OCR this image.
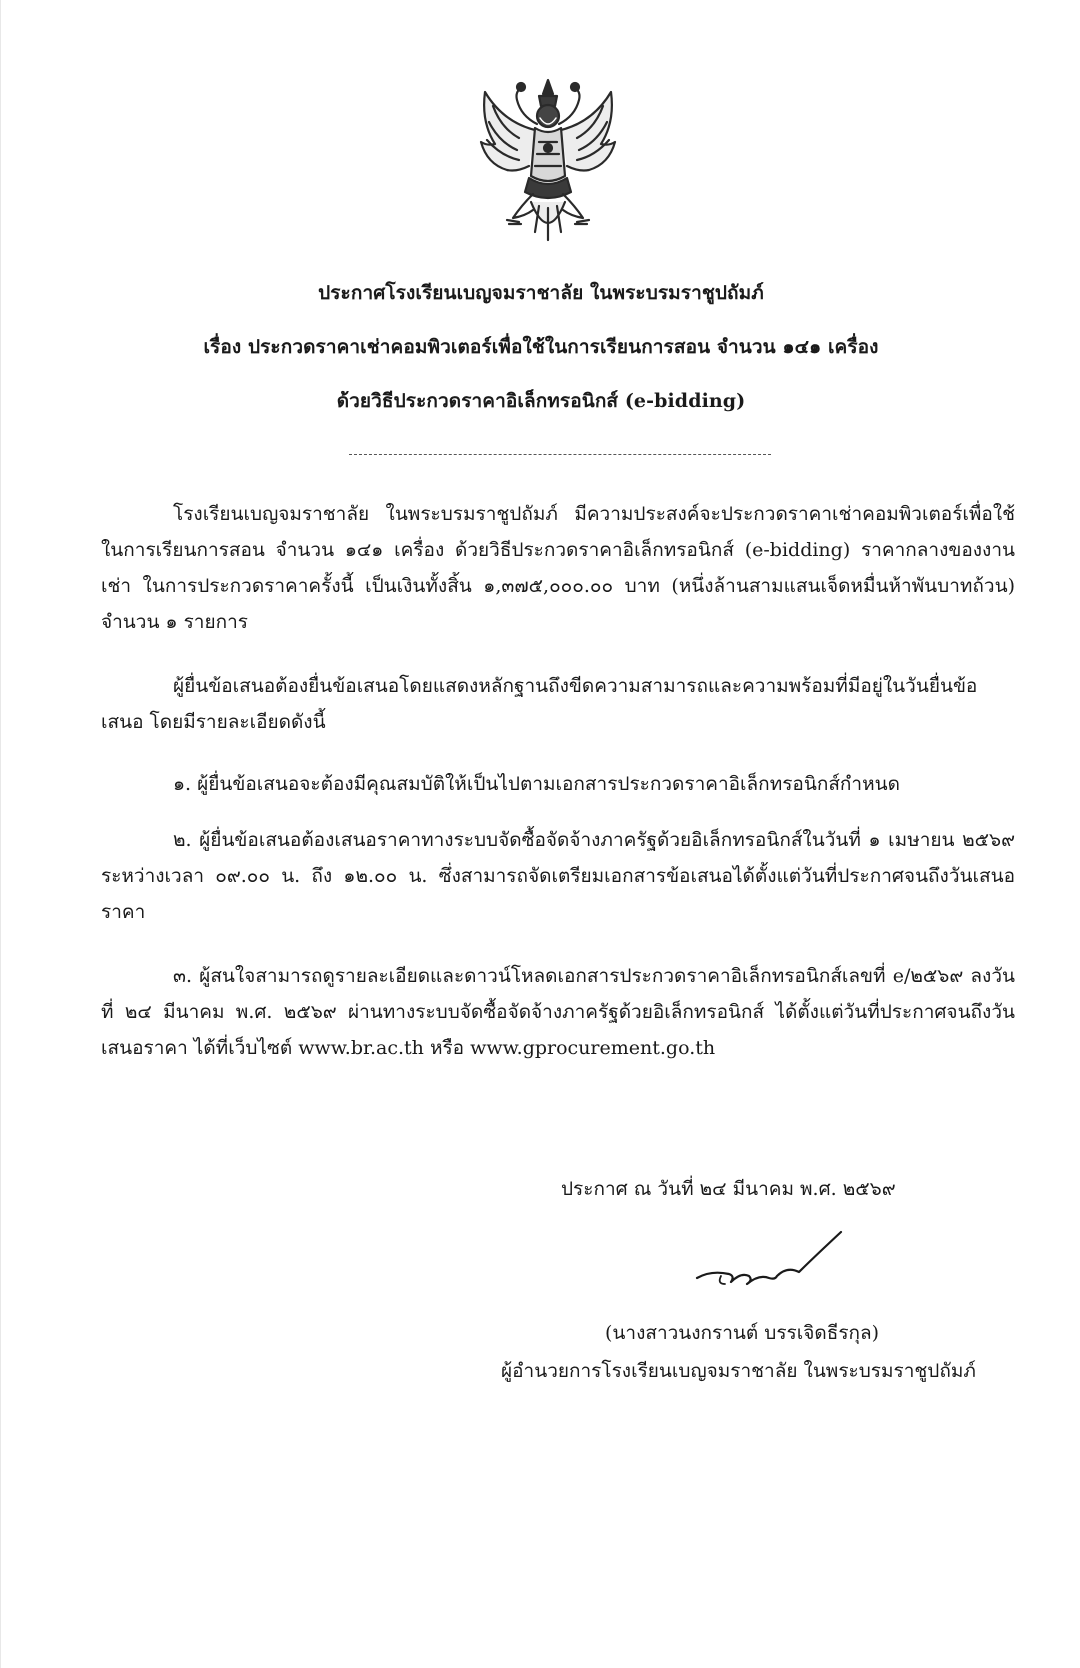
ประกาศโรงเรียนเบญจมราชาลัย ในพระบรมราชูปถัมภ์
เรื่อง ประกวดราคาเช่าคอมพิวเตอร์เพื่อใช้ในการเรียนการสอน จำนวน ๑๔๑ เครื่อง
ด้วยวิธีประกวดราคาอิเล็กทรอนิกส์ (e-bidding)
โรงเรียนเบญจมราชาลัย ในพระบรมราชูปถัมภ์ มีความประสงค์จะประกวดราคาเช่าคอมพิวเตอร์เพื่อใช้ในการเรียนการสอน จำนวน ๑๔๑ เครื่อง ด้วยวิธีประกวดราคาอิเล็กทรอนิกส์ (e-bidding) ราคากลางของงานเช่า ในการประกวดราคาครั้งนี้ เป็นเงินทั้งสิ้น ๑,๓๗๕,๐๐๐.๐๐ บาท (หนึ่งล้านสามแสนเจ็ดหมื่นห้าพันบาทถ้วน) จำนวน ๑ รายการ
ผู้ยื่นข้อเสนอต้องยื่นข้อเสนอโดยแสดงหลักฐานถึงขีดความสามารถและความพร้อมที่มีอยู่ในวันยื่นข้อเสนอ โดยมีรายละเอียดดังนี้
๑. ผู้ยื่นข้อเสนอจะต้องมีคุณสมบัติให้เป็นไปตามเอกสารประกวดราคาอิเล็กทรอนิกส์กำหนด
๒. ผู้ยื่นข้อเสนอต้องเสนอราคาทางระบบจัดซื้อจัดจ้างภาครัฐด้วยอิเล็กทรอนิกส์ในวันที่ ๑ เมษายน ๒๕๖๙ ระหว่างเวลา ๐๙.๐๐ น. ถึง ๑๒.๐๐ น. ซึ่งสามารถจัดเตรียมเอกสารข้อเสนอได้ตั้งแต่วันที่ประกาศจนถึงวันเสนอราคา
๓. ผู้สนใจสามารถดูรายละเอียดและดาวน์โหลดเอกสารประกวดราคาอิเล็กทรอนิกส์เลขที่ e/๒๕๖๙ ลงวันที่ ๒๔ มีนาคม พ.ศ. ๒๕๖๙ ผ่านทางระบบจัดซื้อจัดจ้างภาครัฐด้วยอิเล็กทรอนิกส์ ได้ตั้งแต่วันที่ประกาศจนถึงวันเสนอราคา ได้ที่เว็บไซต์ www.br.ac.th หรือ www.gprocurement.go.th
ประกาศ ณ วันที่ ๒๔ มีนาคม พ.ศ. ๒๕๖๙
(นางสาวนงกรานต์ บรรเจิดธีรกุล)
ผู้อำนวยการโรงเรียนเบญจมราชาลัย ในพระบรมราชูปถัมภ์
